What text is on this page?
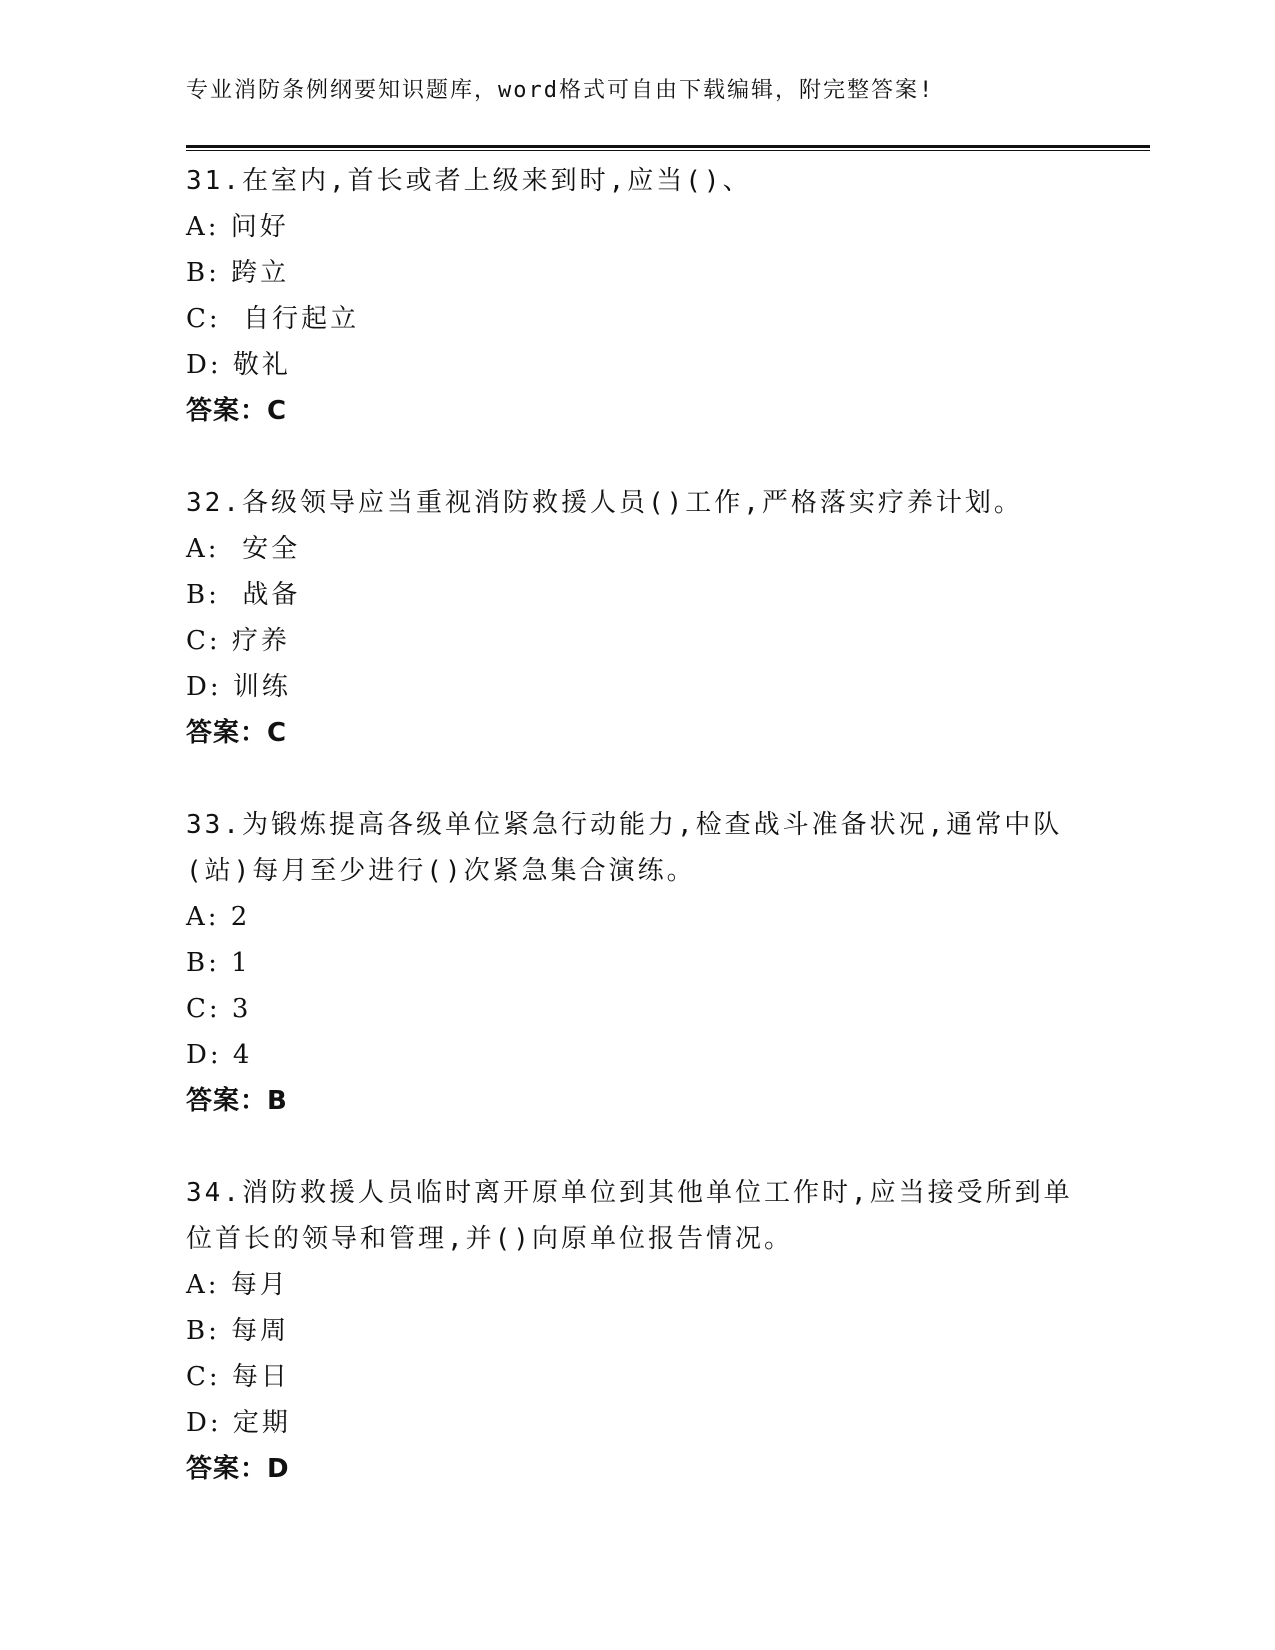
专业消防条例纲要知识题库，word格式可自由下载编辑，附完整答案!
31.在室内,首长或者上级来到时,应当()、
A: 问好
B: 跨立
C:  自行起立
D: 敬礼
答案：C
32.各级领导应当重视消防救援人员()工作,严格落实疗养计划。
A:  安全
B:  战备
C: 疗养
D: 训练
答案：C
33.为锻炼提高各级单位紧急行动能力,检查战斗准备状况,通常中队(站)每月至少进行()次紧急集合演练。
A: 2
B: 1
C: 3
D: 4
答案：B
34.消防救援人员临时离开原单位到其他单位工作时,应当接受所到单位首长的领导和管理,并()向原单位报告情况。
A: 每月
B: 每周
C: 每日
D: 定期
答案：D
